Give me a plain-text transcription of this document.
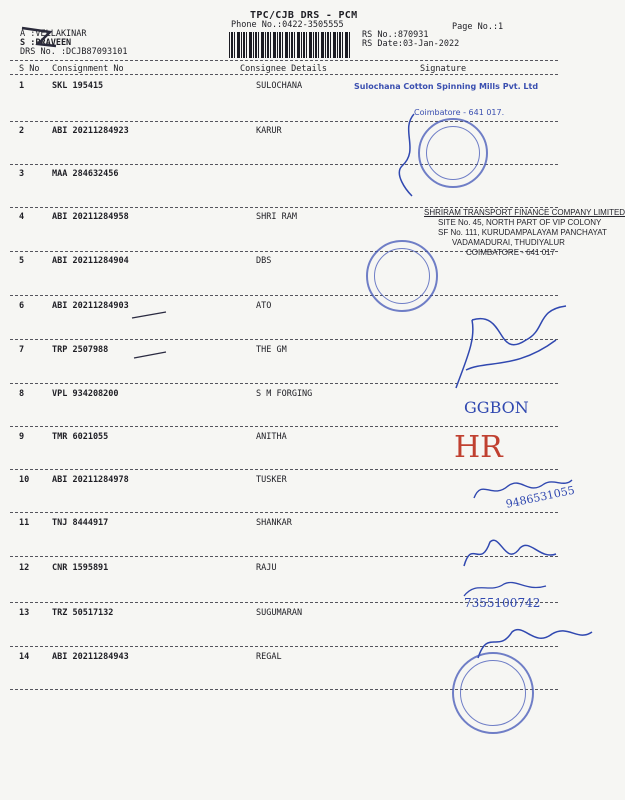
TPC/CJB DRS - PCM
Phone No.:0422-3505555
A :VELLAKINAR
S :PRAVEEN
DRS No. :DCJB87093101
RS No.:870931
RS Date:03-Jan-2022
Page No.:1
S No Consignment No	Consignee Details	Signature
1	SKL 195415	SULOCHANA
2	ABI 20211284923	KARUR
3	MAA 284632456
4	ABI 20211284958	SHRI RAM
5	ABI 20211284904	DBS
6	ABI 20211284903	ATO
7	TRP 2507988	THE GM
8	VPL 934208200	S M FORGING
9	TMR 6021055	ANITHA
10	ABI 20211284978	TUSKER
11	TNJ 8444917	SHANKAR
12	CNR 1595891	RAJU
13	TRZ 50517132	SUGUMARAN
14	ABI 20211284943	REGAL
Sulochana Cotton Spinning Mills Pvt. Ltd
Coimbatore - 641 017.
SHRIRAM TRANSPORT FINANCE COMPANY LIMITED
SITE No. 45, NORTH PART OF VIP COLONY
SF No. 111, KURUDAMPALAYAM PANCHAYAT
VADAMADURAI, THUDIYALUR
COIMBATORE - 641 017
GGBON
HR
9486531055
7355100742
